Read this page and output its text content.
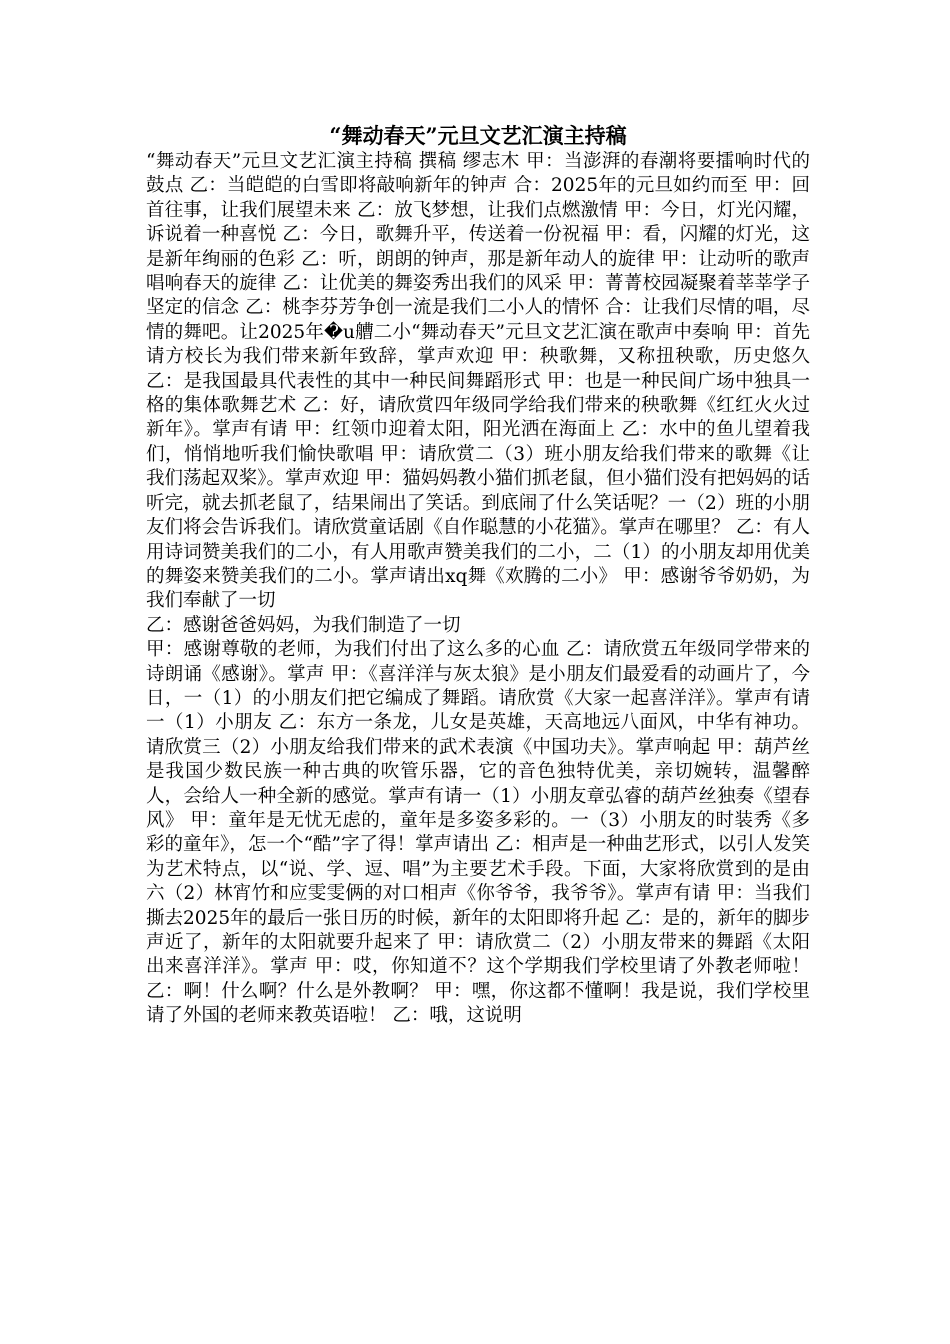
“舞动春天”元旦文艺汇演主持稿
“舞动春天”元旦文艺汇演主持稿 撰稿 缪志木 甲：当澎湃的春潮将要擂响时代的鼓点 乙：当皑皑的白雪即将敲响新年的钟声 合：2025年的元旦如约而至 甲：回首往事，让我们展望未来 乙：放飞梦想，让我们点燃激情 甲：今日，灯光闪耀，诉说着一种喜悦 乙：今日，歌舞升平，传送着一份祝福 甲：看，闪耀的灯光，这是新年绚丽的色彩 乙：听，朗朗的钟声，那是新年动人的旋律 甲：让动听的歌声唱响春天的旋律 乙：让优美的舞姿秀出我们的风采 甲：菁菁校园凝聚着莘莘学子坚定的信念 乙：桃李芬芳争创一流是我们二小人的情怀 合：让我们尽情的唱，尽情的舞吧。让2025年�u艚二小“舞动春天”元旦文艺汇演在歌声中奏响 甲：首先请方校长为我们带来新年致辞，掌声欢迎 甲：秧歌舞，又称扭秧歌，历史悠久 乙：是我国最具代表性的其中一种民间舞蹈形式 甲：也是一种民间广场中独具一格的集体歌舞艺术 乙：好，请欣赏四年级同学给我们带来的秧歌舞《红红火火过新年》。掌声有请 甲：红领巾迎着太阳，阳光洒在海面上 乙：水中的鱼儿望着我们，悄悄地听我们愉快歌唱 甲：请欣赏二（3）班小朋友给我们带来的歌舞《让我们荡起双桨》。掌声欢迎 甲：猫妈妈教小猫们抓老鼠，但小猫们没有把妈妈的话听完，就去抓老鼠了，结果闹出了笑话。到底闹了什么笑话呢？一（2）班的小朋友们将会告诉我们。请欣赏童话剧《自作聪慧的小花猫》。掌声在哪里？ 乙：有人用诗词赞美我们的二小，有人用歌声赞美我们的二小，二（1）的小朋友却用优美的舞姿来赞美我们的二小。掌声请出xq舞《欢腾的二小》 甲：感谢爷爷奶奶，为我们奉献了一切
乙：感谢爸爸妈妈，为我们制造了一切
甲：感谢尊敬的老师，为我们付出了这么多的心血 乙：请欣赏五年级同学带来的诗朗诵《感谢》。掌声 甲：《喜洋洋与灰太狼》是小朋友们最爱看的动画片了，今日，一（1）的小朋友们把它编成了舞蹈。请欣赏《大家一起喜洋洋》。掌声有请一（1）小朋友 乙：东方一条龙，儿女是英雄，天高地远八面风，中华有神功。请欣赏三（2）小朋友给我们带来的武术表演《中国功夫》。掌声响起 甲：葫芦丝是我国少数民族一种古典的吹管乐器，它的音色独特优美，亲切婉转，温馨醉人，会给人一种全新的感觉。掌声有请一（1）小朋友章弘睿的葫芦丝独奏《望春风》 甲：童年是无忧无虑的，童年是多姿多彩的。一（3）小朋友的时装秀《多彩的童年》，怎一个“酷”字了得！掌声请出 乙：相声是一种曲艺形式，以引人发笑为艺术特点，以“说、学、逗、唱”为主要艺术手段。下面，大家将欣赏到的是由六（2）林宵竹和应雯雯俩的对口相声《你爷爷，我爷爷》。掌声有请 甲：当我们撕去2025年的最后一张日历的时候，新年的太阳即将升起 乙：是的，新年的脚步声近了，新年的太阳就要升起来了 甲：请欣赏二（2）小朋友带来的舞蹈《太阳出来喜洋洋》。掌声 甲：哎，你知道不？这个学期我们学校里请了外教老师啦！ 乙：啊！什么啊？什么是外教啊？ 甲：嘿，你这都不懂啊！我是说，我们学校里请了外国的老师来教英语啦！ 乙：哦，这说明
